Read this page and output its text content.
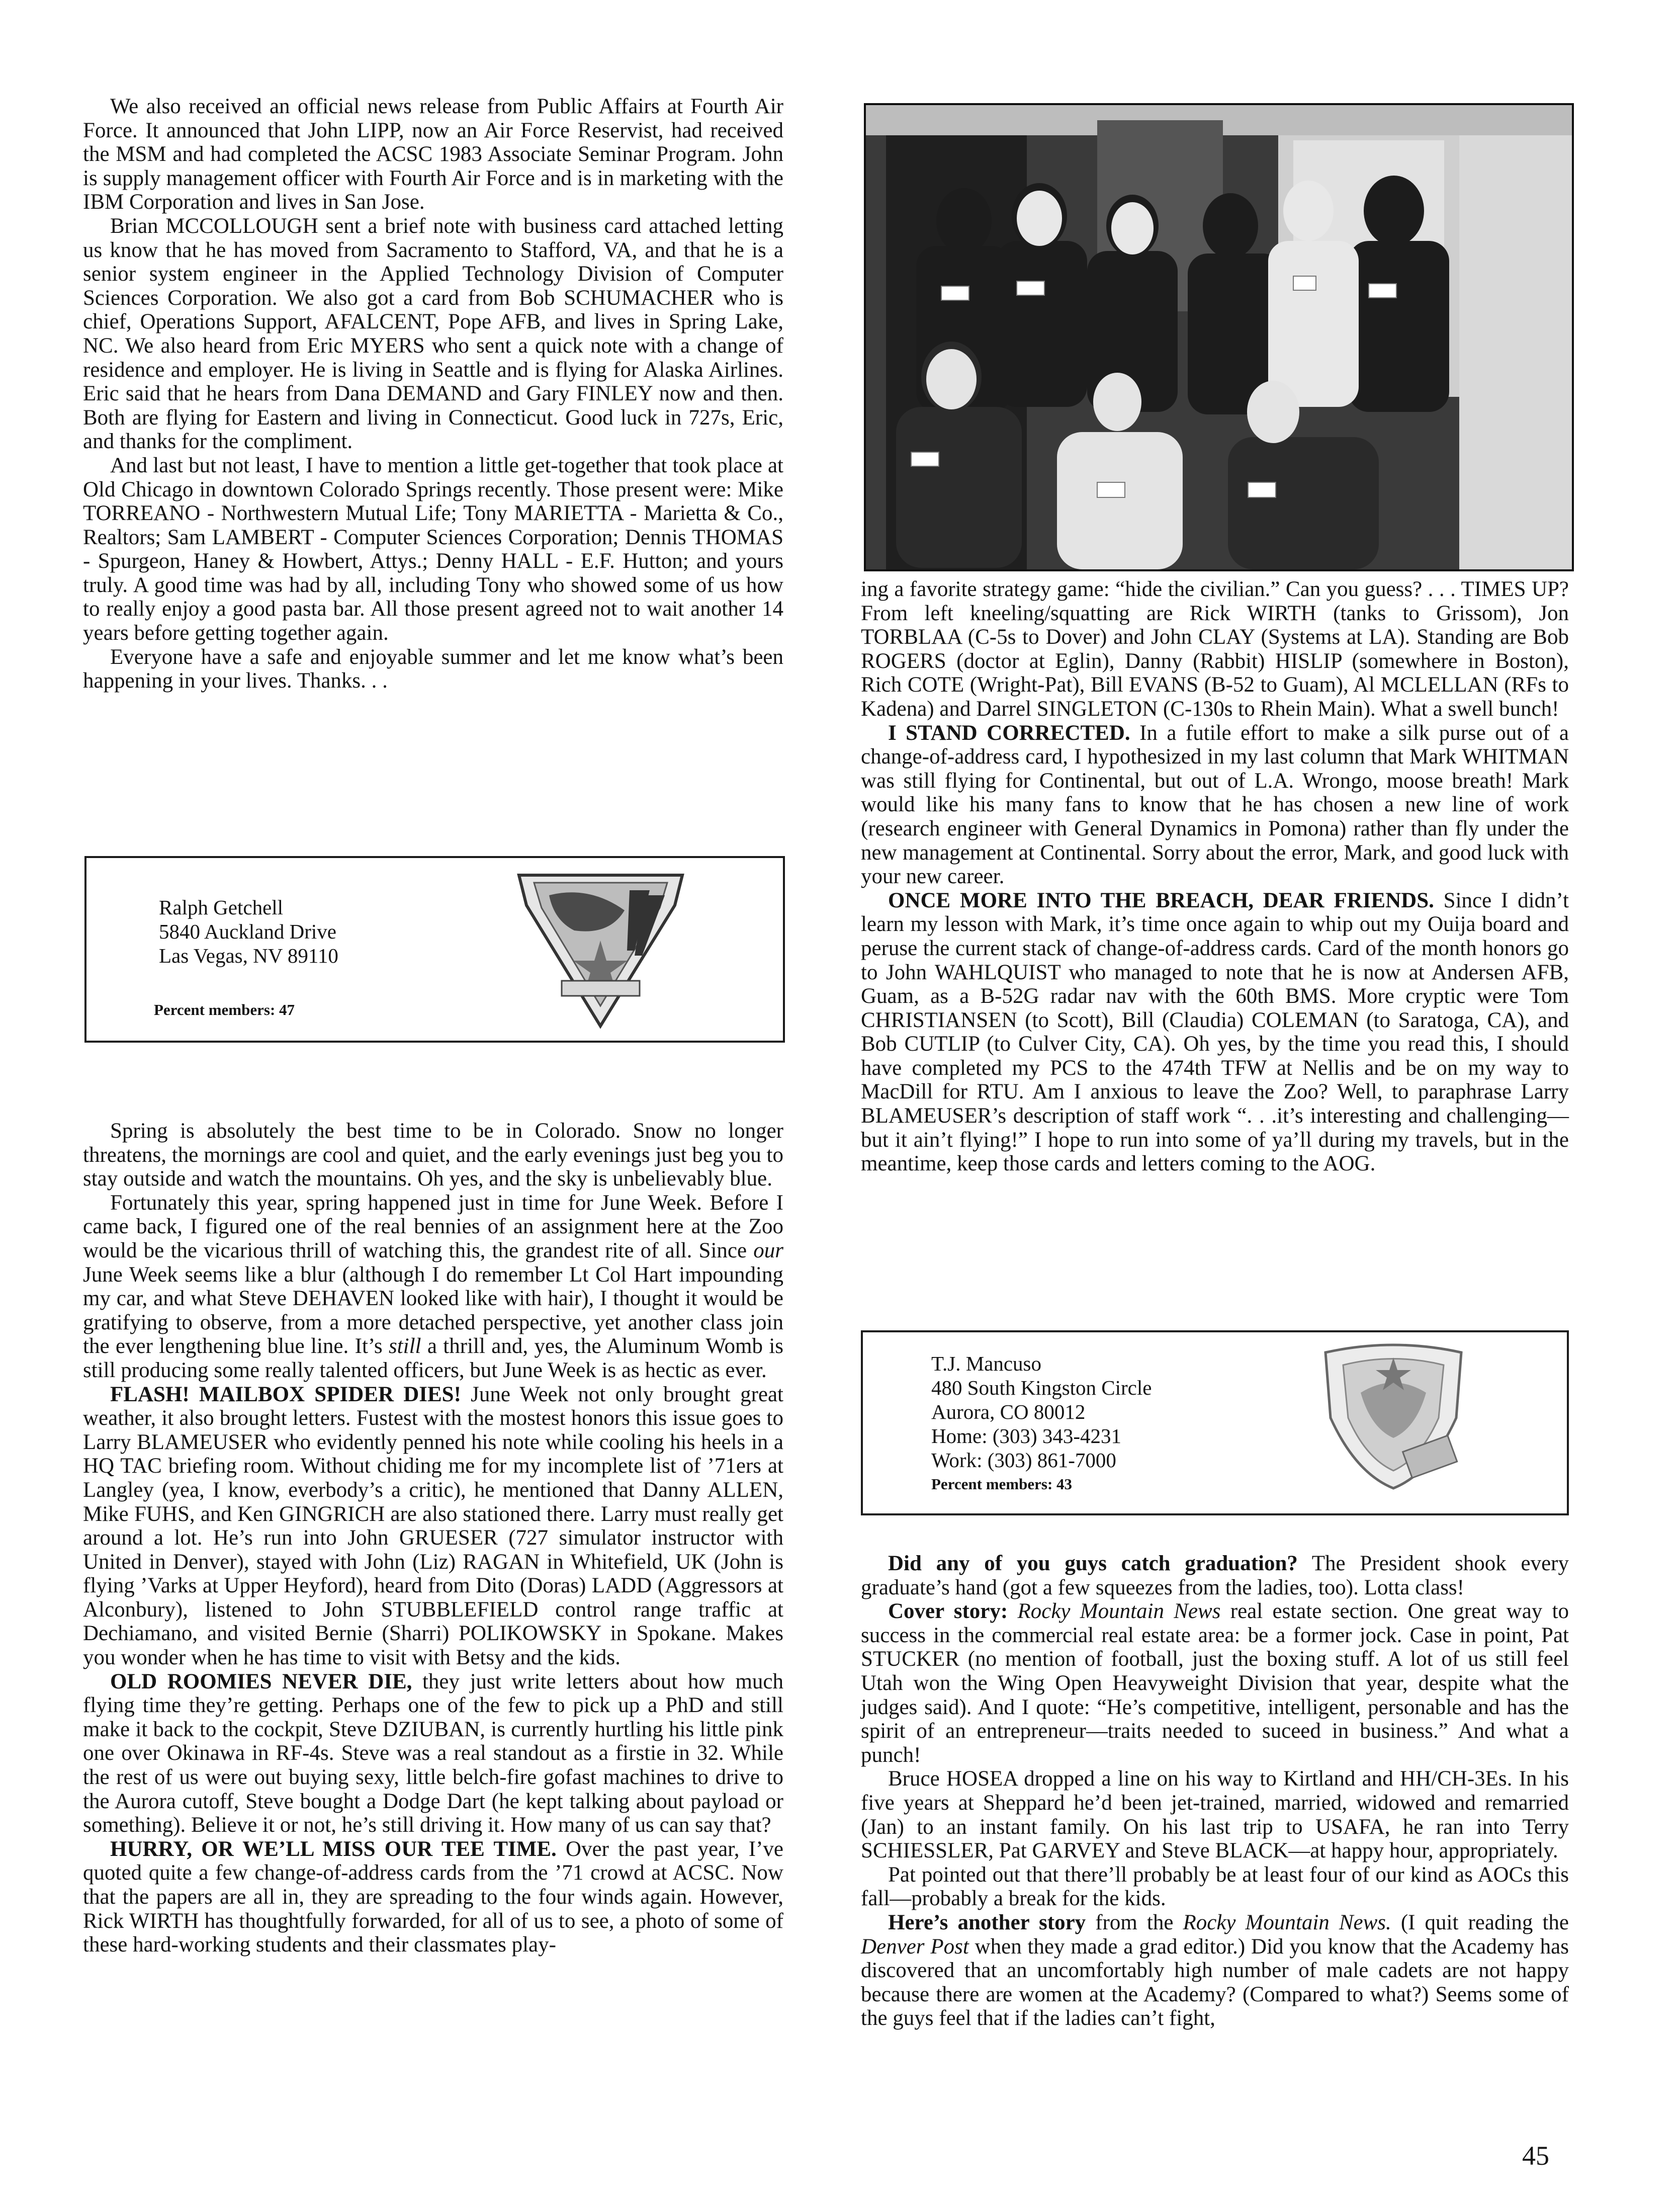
We also received an official news release from Public Affairs at Fourth Air Force. It announced that John LIPP, now an Air Force Reservist, had received the MSM and had completed the ACSC 1983 Associate Seminar Program. John is supply management officer with Fourth Air Force and is in marketing with the IBM Corporation and lives in San Jose.

Brian MCCOLLOUGH sent a brief note with business card attached letting us know that he has moved from Sacramento to Stafford, VA, and that he is a senior system engineer in the Applied Technology Division of Computer Sciences Corporation. We also got a card from Bob SCHUMACHER who is chief, Operations Support, AFALCENT, Pope AFB, and lives in Spring Lake, NC. We also heard from Eric MYERS who sent a quick note with a change of residence and employer. He is living in Seattle and is flying for Alaska Airlines. Eric said that he hears from Dana DEMAND and Gary FINLEY now and then. Both are flying for Eastern and living in Connecticut. Good luck in 727s, Eric, and thanks for the compliment.

And last but not least, I have to mention a little get-together that took place at Old Chicago in downtown Colorado Springs recently. Those present were: Mike TORREANO - Northwestern Mutual Life; Tony MARIETTA - Marietta & Co., Realtors; Sam LAMBERT - Computer Sciences Corporation; Dennis THOMAS - Spurgeon, Haney & Howbert, Attys.; Denny HALL - E.F. Hutton; and yours truly. A good time was had by all, including Tony who showed some of us how to really enjoy a good pasta bar. All those present agreed not to wait another 14 years before getting together again.

Everyone have a safe and enjoyable summer and let me know what’s been happening in your lives. Thanks. . .

Ralph Getchell
5840 Auckland Drive
Las Vegas, NV 89110
Percent members: 47

Spring is absolutely the best time to be in Colorado. Snow no longer threatens, the mornings are cool and quiet, and the early evenings just beg you to stay outside and watch the mountains. Oh yes, and the sky is unbelievably blue.

Fortunately this year, spring happened just in time for June Week. Before I came back, I figured one of the real bennies of an assignment here at the Zoo would be the vicarious thrill of watching this, the grandest rite of all. Since our June Week seems like a blur (although I do remember Lt Col Hart impounding my car, and what Steve DEHAVEN looked like with hair), I thought it would be gratifying to observe, from a more detached perspective, yet another class join the ever lengthening blue line. It’s still a thrill and, yes, the Aluminum Womb is still producing some really talented officers, but June Week is as hectic as ever.

FLASH! MAILBOX SPIDER DIES! June Week not only brought great weather, it also brought letters. Fustest with the mostest honors this issue goes to Larry BLAMEUSER who evidently penned his note while cooling his heels in a HQ TAC briefing room. Without chiding me for my incomplete list of ’71ers at Langley (yea, I know, everbody’s a critic), he mentioned that Danny ALLEN, Mike FUHS, and Ken GINGRICH are also stationed there. Larry must really get around a lot. He’s run into John GRUESER (727 simulator instructor with United in Denver), stayed with John (Liz) RAGAN in Whitefield, UK (John is flying ’Varks at Upper Heyford), heard from Dito (Doras) LADD (Aggressors at Alconbury), listened to John STUBBLEFIELD control range traffic at Dechiamano, and visited Bernie (Sharri) POLIKOWSKY in Spokane. Makes you wonder when he has time to visit with Betsy and the kids.

OLD ROOMIES NEVER DIE, they just write letters about how much flying time they’re getting. Perhaps one of the few to pick up a PhD and still make it back to the cockpit, Steve DZIUBAN, is currently hurtling his little pink one over Okinawa in RF-4s. Steve was a real standout as a firstie in 32. While the rest of us were out buying sexy, little belch-fire gofast machines to drive to the Aurora cutoff, Steve bought a Dodge Dart (he kept talking about payload or something). Believe it or not, he’s still driving it. How many of us can say that?

HURRY, OR WE’LL MISS OUR TEE TIME. Over the past year, I’ve quoted quite a few change-of-address cards from the ’71 crowd at ACSC. Now that the papers are all in, they are spreading to the four winds again. However, Rick WIRTH has thoughtfully forwarded, for all of us to see, a photo of some of these hard-working students and their classmates play-

ing a favorite strategy game: “hide the civilian.” Can you guess? . . . TIMES UP? From left kneeling/squatting are Rick WIRTH (tanks to Grissom), Jon TORBLAA (C-5s to Dover) and John CLAY (Systems at LA). Standing are Bob ROGERS (doctor at Eglin), Danny (Rabbit) HISLIP (somewhere in Boston), Rich COTE (Wright-Pat), Bill EVANS (B-52 to Guam), Al MCLELLAN (RFs to Kadena) and Darrel SINGLETON (C-130s to Rhein Main). What a swell bunch!

I STAND CORRECTED. In a futile effort to make a silk purse out of a change-of-address card, I hypothesized in my last column that Mark WHITMAN was still flying for Continental, but out of L.A. Wrongo, moose breath! Mark would like his many fans to know that he has chosen a new line of work (research engineer with General Dynamics in Pomona) rather than fly under the new management at Continental. Sorry about the error, Mark, and good luck with your new career.

ONCE MORE INTO THE BREACH, DEAR FRIENDS. Since I didn’t learn my lesson with Mark, it’s time once again to whip out my Ouija board and peruse the current stack of change-of-address cards. Card of the month honors go to John WAHLQUIST who managed to note that he is now at Andersen AFB, Guam, as a B-52G radar nav with the 60th BMS. More cryptic were Tom CHRISTIANSEN (to Scott), Bill (Claudia) COLEMAN (to Saratoga, CA), and Bob CUTLIP (to Culver City, CA). Oh yes, by the time you read this, I should have completed my PCS to the 474th TFW at Nellis and be on my way to MacDill for RTU. Am I anxious to leave the Zoo? Well, to paraphrase Larry BLAMEUSER’s description of staff work “. . .it’s interesting and challenging—but it ain’t flying!” I hope to run into some of ya’ll during my travels, but in the meantime, keep those cards and letters coming to the AOG.

T.J. Mancuso
480 South Kingston Circle
Aurora, CO 80012
Home: (303) 343-4231
Work: (303) 861-7000
Percent members: 43

Did any of you guys catch graduation? The President shook every graduate’s hand (got a few squeezes from the ladies, too). Lotta class!

Cover story: Rocky Mountain News real estate section. One great way to success in the commercial real estate area: be a former jock. Case in point, Pat STUCKER (no mention of football, just the boxing stuff. A lot of us still feel Utah won the Wing Open Heavyweight Division that year, despite what the judges said). And I quote: “He’s competitive, intelligent, personable and has the spirit of an entrepreneur—traits needed to suceed in business.” And what a punch!

Bruce HOSEA dropped a line on his way to Kirtland and HH/CH-3Es. In his five years at Sheppard he’d been jet-trained, married, widowed and remarried (Jan) to an instant family. On his last trip to USAFA, he ran into Terry SCHIESSLER, Pat GARVEY and Steve BLACK—at happy hour, appropriately.

Pat pointed out that there’ll probably be at least four of our kind as AOCs this fall—probably a break for the kids.

Here’s another story from the Rocky Mountain News. (I quit reading the Denver Post when they made a grad editor.) Did you know that the Academy has discovered that an uncomfortably high number of male cadets are not happy because there are women at the Academy? (Compared to what?) Seems some of the guys feel that if the ladies can’t fight,

45
